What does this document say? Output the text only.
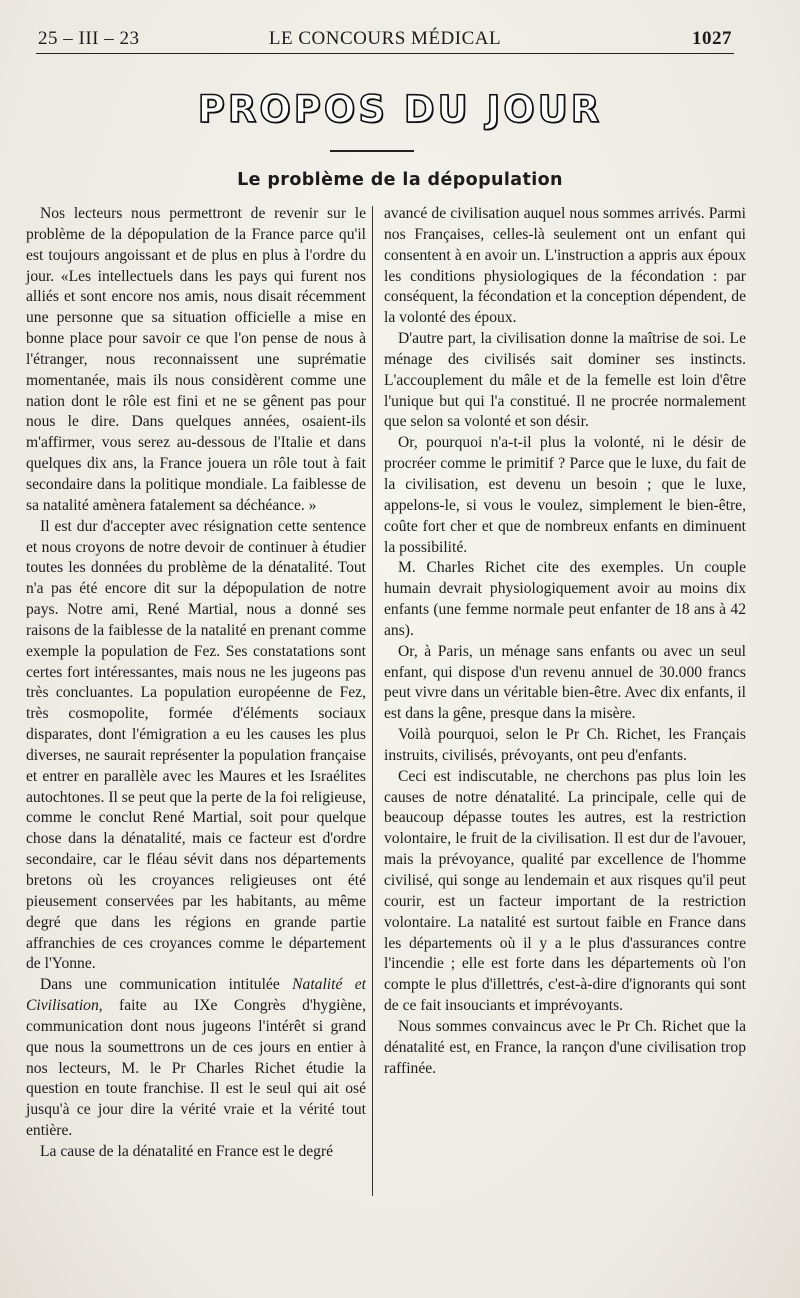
25 – III – 23	LE CONCOURS MÉDICAL	1027
PROPOS DU JOUR
Le problème de la dépopulation

Nos lecteurs nous permettront de revenir sur le problème de la dépopulation de la France parce qu'il est toujours angoissant et de plus en plus à l'ordre du jour. «Les intellectuels dans les pays qui furent nos alliés et sont encore nos amis, nous disait récemment une personne que sa situation officielle a mise en bonne place pour savoir ce que l'on pense de nous à l'étranger, nous reconnaissent une suprématie momentanée, mais ils nous considèrent comme une nation dont le rôle est fini et ne se gênent pas pour nous le dire. Dans quelques années, osaient-ils m'affirmer, vous serez au-dessous de l'Italie et dans quelques dix ans, la France jouera un rôle tout à fait secondaire dans la politique mondiale. La faiblesse de sa natalité amènera fatalement sa déchéance. »

Il est dur d'accepter avec résignation cette sentence et nous croyons de notre devoir de continuer à étudier toutes les données du problème de la dénatalité. Tout n'a pas été encore dit sur la dépopulation de notre pays. Notre ami, René Martial, nous a donné ses raisons de la faiblesse de la natalité en prenant comme exemple la population de Fez. Ses constatations sont certes fort intéressantes, mais nous ne les jugeons pas très concluantes. La population européenne de Fez, très cosmopolite, formée d'éléments sociaux disparates, dont l'émigration a eu les causes les plus diverses, ne saurait représenter la population française et entrer en parallèle avec les Maures et les Israélites autochtones. Il se peut que la perte de la foi religieuse, comme le conclut René Martial, soit pour quelque chose dans la dénatalité, mais ce facteur est d'ordre secondaire, car le fléau sévit dans nos départements bretons où les croyances religieuses ont été pieusement conservées par les habitants, au même degré que dans les régions en grande partie affranchies de ces croyances comme le département de l'Yonne.

Dans une communication intitulée Natalité et Civilisation, faite au IXe Congrès d'hygiène, communication dont nous jugeons l'intérêt si grand que nous la soumettrons un de ces jours en entier à nos lecteurs, M. le Pr Charles Richet étudie la question en toute franchise. Il est le seul qui ait osé jusqu'à ce jour dire la vérité vraie et la vérité tout entière.

La cause de la dénatalité en France est le degré

avancé de civilisation auquel nous sommes arrivés. Parmi nos Françaises, celles-là seulement ont un enfant qui consentent à en avoir un. L'instruction a appris aux époux les conditions physiologiques de la fécondation : par conséquent, la fécondation et la conception dépendent, de la volonté des époux.

D'autre part, la civilisation donne la maîtrise de soi. Le ménage des civilisés sait dominer ses instincts. L'accouplement du mâle et de la femelle est loin d'être l'unique but qui l'a constitué. Il ne procrée normalement que selon sa volonté et son désir.

Or, pourquoi n'a-t-il plus la volonté, ni le désir de procréer comme le primitif ? Parce que le luxe, du fait de la civilisation, est devenu un besoin ; que le luxe, appelons-le, si vous le voulez, simplement le bien-être, coûte fort cher et que de nombreux enfants en diminuent la possibilité.

M. Charles Richet cite des exemples. Un couple humain devrait physiologiquement avoir au moins dix enfants (une femme normale peut enfanter de 18 ans à 42 ans).

Or, à Paris, un ménage sans enfants ou avec un seul enfant, qui dispose d'un revenu annuel de 30.000 francs peut vivre dans un véritable bien-être. Avec dix enfants, il est dans la gêne, presque dans la misère.

Voilà pourquoi, selon le Pr Ch. Richet, les Français instruits, civilisés, prévoyants, ont peu d'enfants.

Ceci est indiscutable, ne cherchons pas plus loin les causes de notre dénatalité. La principale, celle qui de beaucoup dépasse toutes les autres, est la restriction volontaire, le fruit de la civilisation. Il est dur de l'avouer, mais la prévoyance, qualité par excellence de l'homme civilisé, qui songe au lendemain et aux risques qu'il peut courir, est un facteur important de la restriction volontaire. La natalité est surtout faible en France dans les départements où il y a le plus d'assurances contre l'incendie ; elle est forte dans les départements où l'on compte le plus d'illettrés, c'est-à-dire d'ignorants qui sont de ce fait insouciants et imprévoyants.

Nous sommes convaincus avec le Pr Ch. Richet que la dénatalité est, en France, la rançon d'une civilisation trop raffinée.
